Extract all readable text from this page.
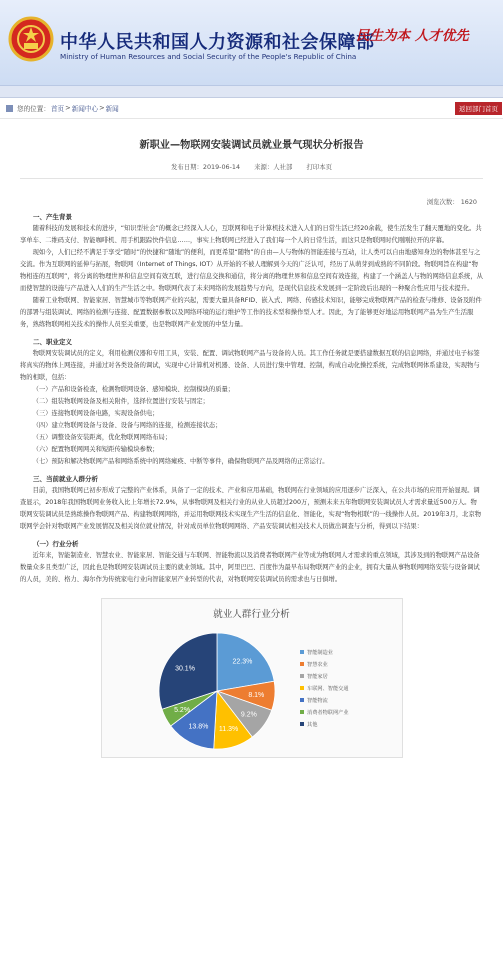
中华人民共和国人力资源和社会保障部
Ministry of Human Resources and Social Security of the People's Republic of China
民生为本 人才优先
您的位置： 首页 > 新闻中心 > 新闻	返回部门首页
新职业—物联网安装调试员就业景气现状分析报告
发布日期：2019-06-14 来源：人社部 打印本页
浏览次数： 1620
一、产生背景

随着科技的发展和技术的进步，“知识型社会”的概念已经深入人心，互联网和电子计算机技术进入人们的日常生活已经20余载，使生活发生了翻天覆地的变化。共享单车、二维码支付、智能咖啡机、用手机跟踪快件信息……，事实上物联网已经进入了我们每一个人的日常生活，而这只是物联网时代刚刚拉开的序幕。

现如今，人们已经不满足于享受“随时”的快捷和“随地”的便利，而更希望“随物”的自由—人与物体的智能连接与互动，让人类可以自由地感知身边的物体甚至与之交流。作为互联网的延伸与拓展，物联网（Internet of Things, IOT）从开始的不被人理解到今天的广泛认可，经历了从萌芽到成熟的不同阶段。物联网旨在构建“物物相连的互联网”，将分离的物理世界和信息空间有效互联，进行信息交换和通信，将分离的物理世界和信息空间有效连接，构建了一个涵盖人与物的网络信息系统，从而使智慧的设施与产品进入人们的生产生活之中。物联网代表了未来网络的发展趋势与方向，是现代信息技术发展到一定阶段后出现的一种聚合性应用与技术提升。

随着工业物联网、智能家居、智慧城市等物联网产业的兴起，需要大量具备RFID、嵌入式、网络、传感技术知识，能够完成物联网产品的检查与维修、设备及附件的部署与组装调试、网络的检测与连接、配置数据参数以及网络环境的运行维护等工作的技术型和操作型人才。因此，为了能够更好地运用物联网产品为生产生活服务，熟练物联网相关技术的操作人员至关重要，也是物联网产业发展的中坚力量。

二、职业定义

物联网安装调试员的定义，利用检测仪器和专用工具，安装、配置、调试物联网产品与设备的人员。其工作任务就是要搭建数据互联的信息网络，并通过电子标签将真实的物体上网连接，并通过对各类设备的调试，实现中心计算机对机器、设备、人员进行集中管理、控制，构成自动化操控系统，完成物联网体系建设，实现物与物的相联，包括：

（一）产品和设备检查，检测物联网设备、感知模块、控制模块的质量；

（二）组装物联网设备及相关附件，选择位置进行安装与固定；

（三）连接物联网设备电路，实现设备供电；

（四）建立物联网设备与设备、设备与网络的连接，检测连接状态；

（五）调整设备安装距离，优化物联网网络布局；

（六）配置物联网网关和短距传输模块参数；

（七）预防和解决物联网产品和网络系统中的网络瘫痪、中断等事件，确保物联网产品及网络的正常运行。

三、当前就业人群分析

目前，我国物联网已初步形成了完整的产业体系，具备了一定的技术、产业和应用基础，物联网在行业领域的应用逐步广泛深入，在公共市场的应用开始显现。调查显示，2018年我国物联网业务收入比上年增长72.9%，从事物联网及相关行业的从业人员超过200万，预测未来五年物联网安装调试员人才需求量近500万人。物联网安装调试员是熟练操作物联网产品、构建物联网网络，并运用物联网技术实现生产生活的信息化、智能化，实现“物物相联”的一线操作人员。2019年3月，北京物联网学会针对物联网产业发展情况及相关岗位就业情况，针对成员单位物联网网络、产品安装调试相关技术人员做出调查与分析，得到以下结果：

（一）行业分析

近年来，智能制造业、智慧农业、智能家居、智能交通与车联网、智能物流以及消费者物联网产业等成为物联网人才需求的重点领域，其涉及到的物联网产品设备数量众多且类型广泛，因此也是物联网安装调试员主要的就业领域。其中，阿里巴巴、百度作为最早布局物联网产业的企业，拥有大量从事物联网网络安装与设备调试的人员，美的、格力、海尔作为传统家电行业向智能家居产业转型的代表，对物联网安装调试员的需求也与日俱增。

就业人群行业分析
22.3%
8.1%
9.2%
11.3%
13.8%
5.2%
30.1%
智能制造业
智慧农业
智能家居
车联网、智能交通
智能物流
消费者物联网产业
其他
